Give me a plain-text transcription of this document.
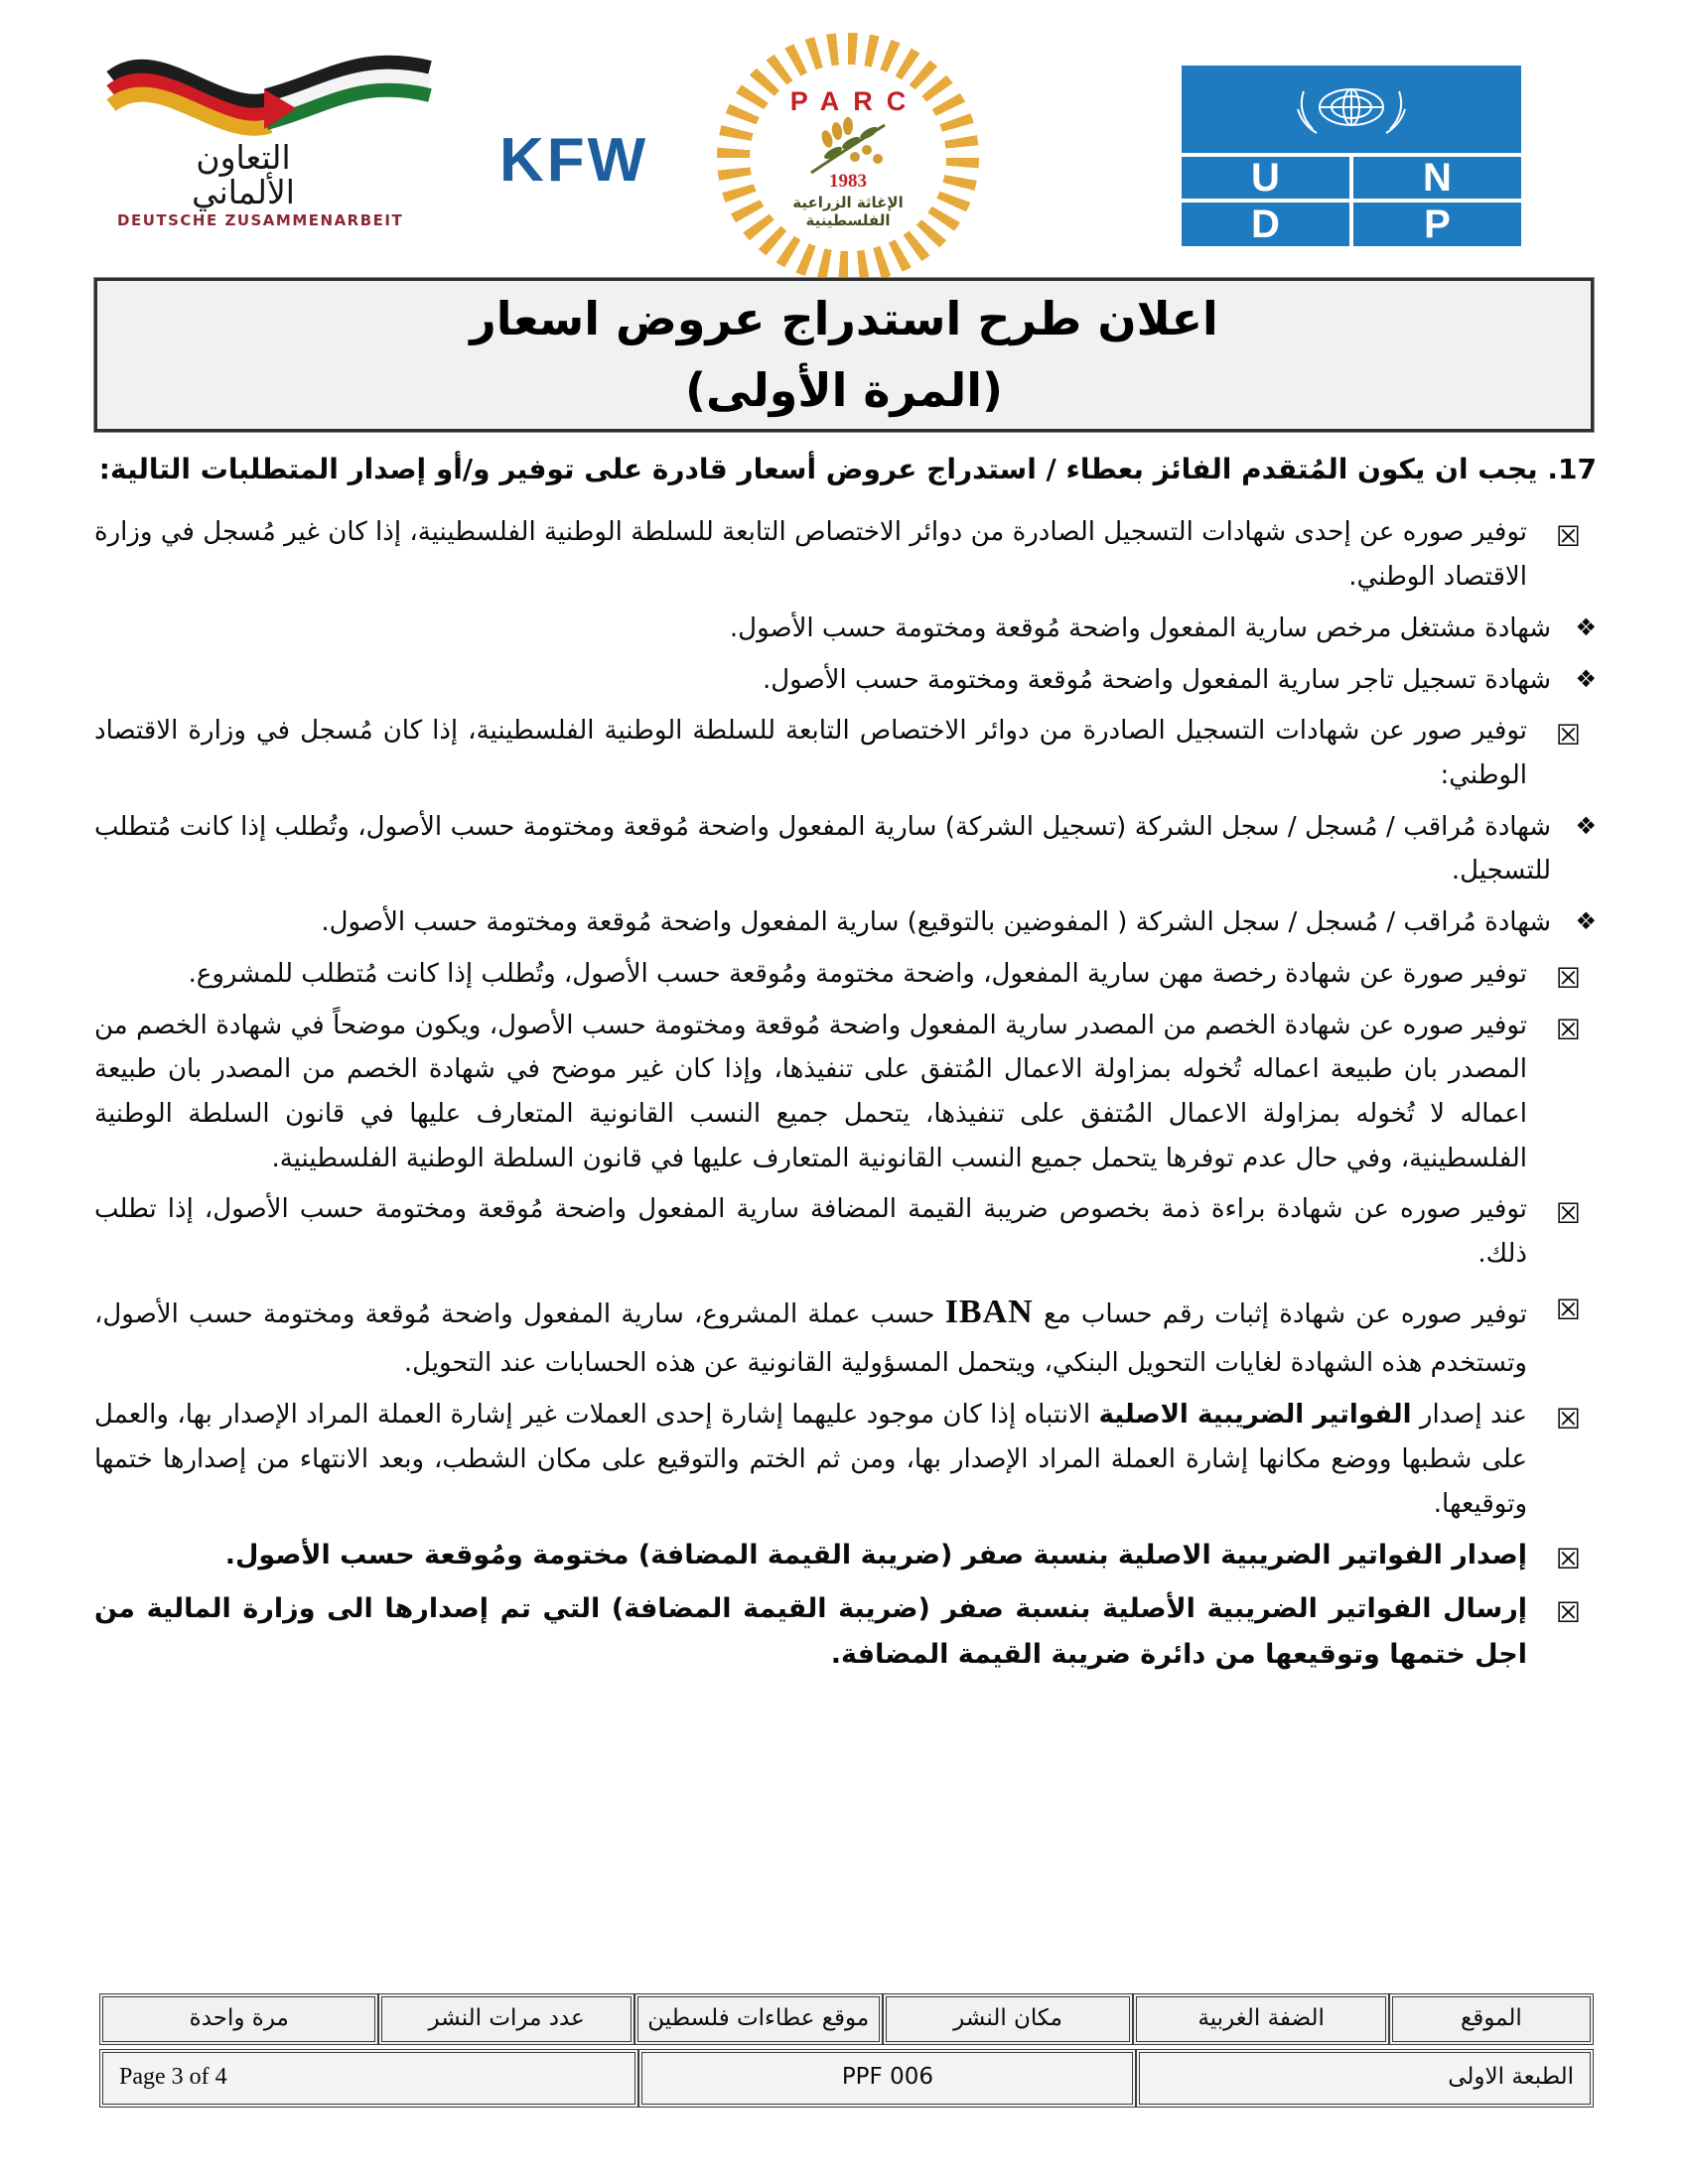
التعاون
الألماني
DEUTSCHE ZUSAMMENARBEIT
KFW
PARC
1983
الإغاثة الزراعية الفلسطينية
U	N
D	P
اعلان طرح استدراج عروض اسعار
(المرة الأولى)

17. يجب ان يكون المُتقدم الفائز بعطاء / استدراج عروض أسعار قادرة على توفير و/أو إصدار المتطلبات التالية:

☒
توفير صوره عن إحدى شهادات التسجيل الصادرة من دوائر الاختصاص التابعة للسلطة الوطنية الفلسطينية، إذا كان غير مُسجل في وزارة الاقتصاد الوطني.
❖
شهادة مشتغل مرخص سارية المفعول واضحة مُوقعة ومختومة حسب الأصول.
❖
شهادة تسجيل تاجر سارية المفعول واضحة مُوقعة ومختومة حسب الأصول.
☒
توفير صور عن شهادات التسجيل الصادرة من دوائر الاختصاص التابعة للسلطة الوطنية الفلسطينية، إذا كان مُسجل في وزارة الاقتصاد الوطني:
❖
شهادة مُراقب / مُسجل / سجل الشركة (تسجيل الشركة) سارية المفعول واضحة مُوقعة ومختومة حسب الأصول، وتُطلب إذا كانت مُتطلب للتسجيل.
❖
شهادة مُراقب / مُسجل / سجل الشركة ( المفوضين بالتوقيع) سارية المفعول واضحة مُوقعة ومختومة حسب الأصول.
☒
توفير صورة عن شهادة رخصة مهن سارية المفعول، واضحة مختومة ومُوقعة حسب الأصول، وتُطلب إذا كانت مُتطلب للمشروع.
☒
توفير صوره عن شهادة الخصم من المصدر سارية المفعول واضحة مُوقعة ومختومة حسب الأصول، ويكون موضحاً في شهادة الخصم من المصدر بان طبيعة اعماله تُخوله بمزاولة الاعمال المُتفق على تنفيذها، وإذا كان غير موضح في شهادة الخصم من المصدر بان طبيعة اعماله لا تُخوله بمزاولة الاعمال المُتفق على تنفيذها، يتحمل جميع النسب القانونية المتعارف عليها في قانون السلطة الوطنية الفلسطينية، وفي حال عدم توفرها يتحمل جميع النسب القانونية المتعارف عليها في قانون السلطة الوطنية الفلسطينية.
☒
توفير صوره عن شهادة براءة ذمة بخصوص ضريبة القيمة المضافة سارية المفعول واضحة مُوقعة ومختومة حسب الأصول، إذا تطلب ذلك.
☒
توفير صوره عن شهادة إثبات رقم حساب مع IBAN حسب عملة المشروع، سارية المفعول واضحة مُوقعة ومختومة حسب الأصول، وتستخدم هذه الشهادة لغايات التحويل البنكي، ويتحمل المسؤولية القانونية عن هذه الحسابات عند التحويل.
☒
عند إصدار الفواتير الضريبية الاصلية الانتباه إذا كان موجود عليهما إشارة إحدى العملات غير إشارة العملة المراد الإصدار بها، والعمل على شطبها ووضع مكانها إشارة العملة المراد الإصدار بها، ومن ثم الختم والتوقيع على مكان الشطب، وبعد الانتهاء من إصدارها ختمها وتوقيعها.
☒
إصدار الفواتير الضريبية الاصلية بنسبة صفر (ضريبة القيمة المضافة) مختومة ومُوقعة حسب الأصول.
☒
إرسال الفواتير الضريبية الأصلية بنسبة صفر (ضريبة القيمة المضافة) التي تم إصدارها الى وزارة المالية من اجل ختمها وتوقيعها من دائرة ضريبة القيمة المضافة.
الموقع
الضفة الغربية
مكان النشر
موقع عطاءات فلسطين
عدد مرات النشر
مرة واحدة
الطبعة الاولى
PPF 006
Page 3 of 4
